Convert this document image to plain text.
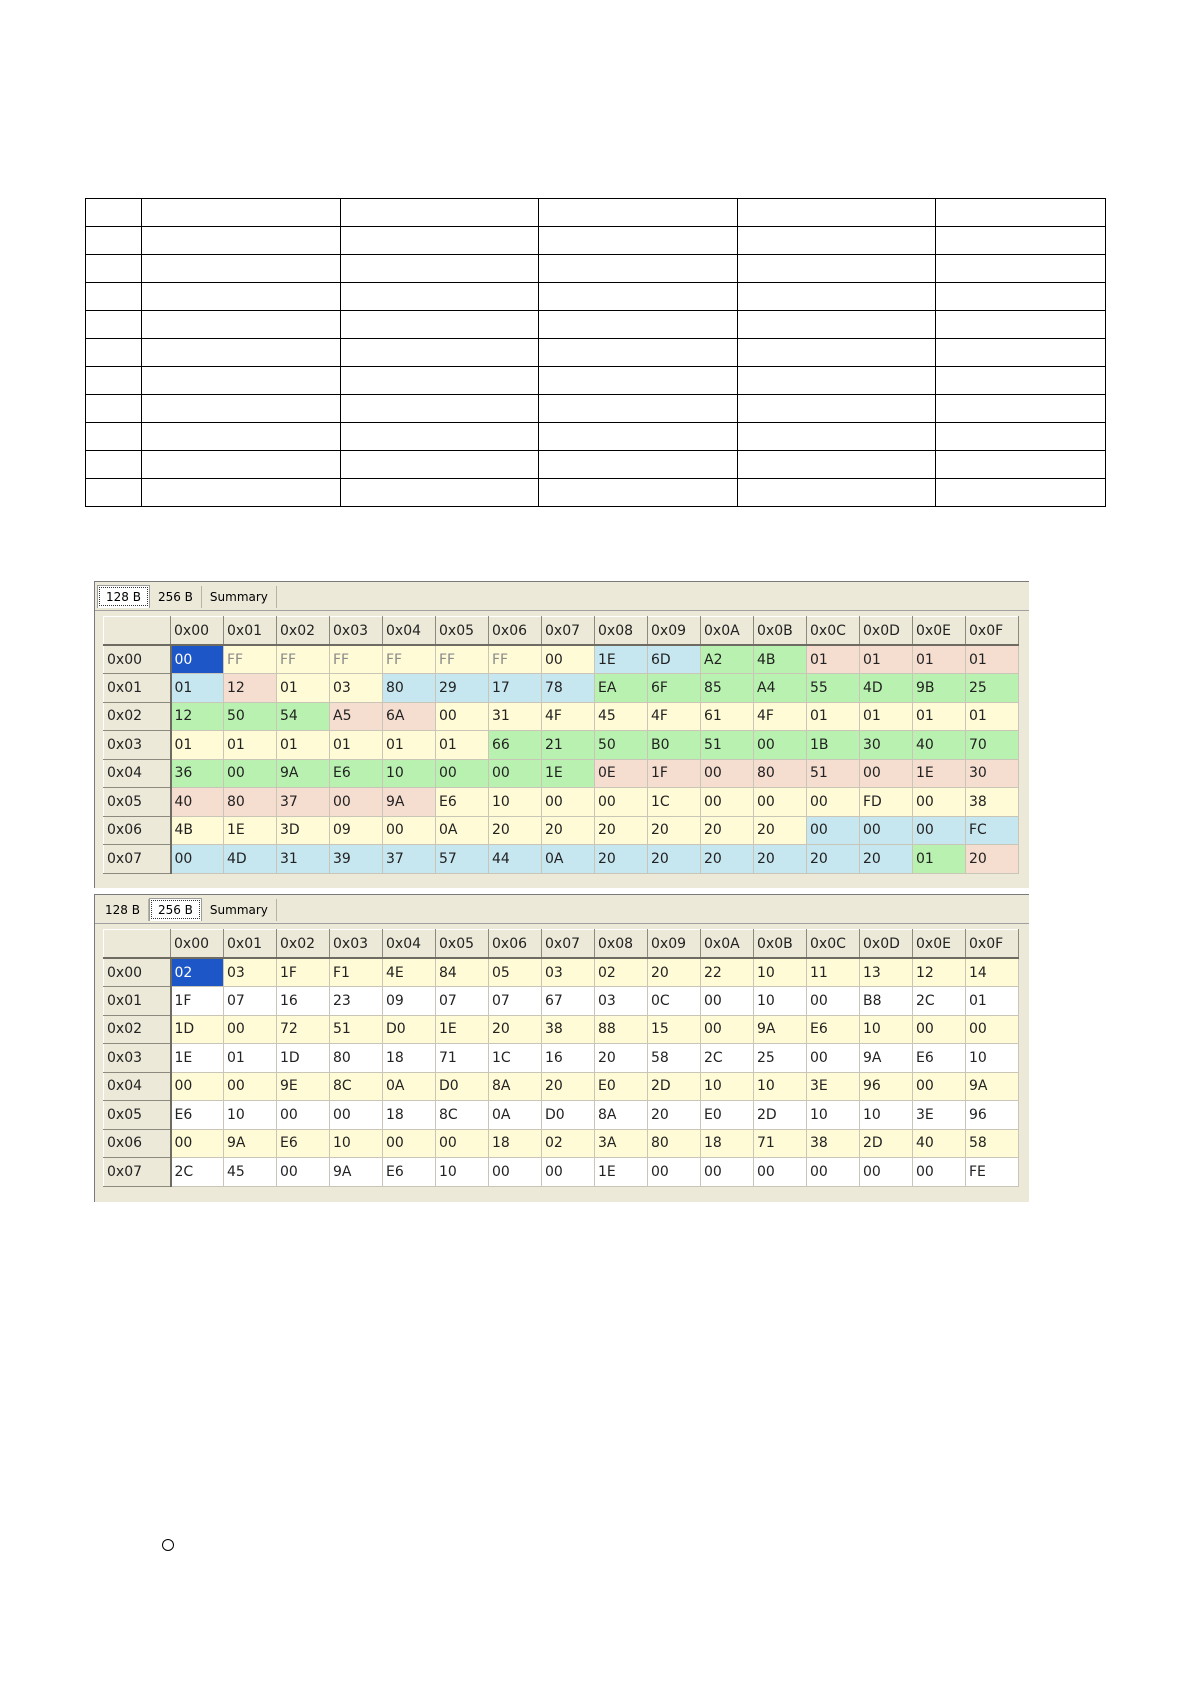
128 B	256 B	Summary
	0x00	0x01	0x02	0x03	0x04	0x05	0x06	0x07	0x08	0x09	0x0A	0x0B	0x0C	0x0D	0x0E	0x0F
0x00	00	FF	FF	FF	FF	FF	FF	00	1E	6D	A2	4B	01	01	01	01
0x01	01	12	01	03	80	29	17	78	EA	6F	85	A4	55	4D	9B	25
0x02	12	50	54	A5	6A	00	31	4F	45	4F	61	4F	01	01	01	01
0x03	01	01	01	01	01	01	66	21	50	B0	51	00	1B	30	40	70
0x04	36	00	9A	E6	10	00	00	1E	0E	1F	00	80	51	00	1E	30
0x05	40	80	37	00	9A	E6	10	00	00	1C	00	00	00	FD	00	38
0x06	4B	1E	3D	09	00	0A	20	20	20	20	20	20	00	00	00	FC
0x07	00	4D	31	39	37	57	44	0A	20	20	20	20	20	20	01	20
128 B	256 B	Summary
	0x00	0x01	0x02	0x03	0x04	0x05	0x06	0x07	0x08	0x09	0x0A	0x0B	0x0C	0x0D	0x0E	0x0F
0x00	02	03	1F	F1	4E	84	05	03	02	20	22	10	11	13	12	14
0x01	1F	07	16	23	09	07	07	67	03	0C	00	10	00	B8	2C	01
0x02	1D	00	72	51	D0	1E	20	38	88	15	00	9A	E6	10	00	00
0x03	1E	01	1D	80	18	71	1C	16	20	58	2C	25	00	9A	E6	10
0x04	00	00	9E	8C	0A	D0	8A	20	E0	2D	10	10	3E	96	00	9A
0x05	E6	10	00	00	18	8C	0A	D0	8A	20	E0	2D	10	10	3E	96
0x06	00	9A	E6	10	00	00	18	02	3A	80	18	71	38	2D	40	58
0x07	2C	45	00	9A	E6	10	00	00	1E	00	00	00	00	00	00	FE
